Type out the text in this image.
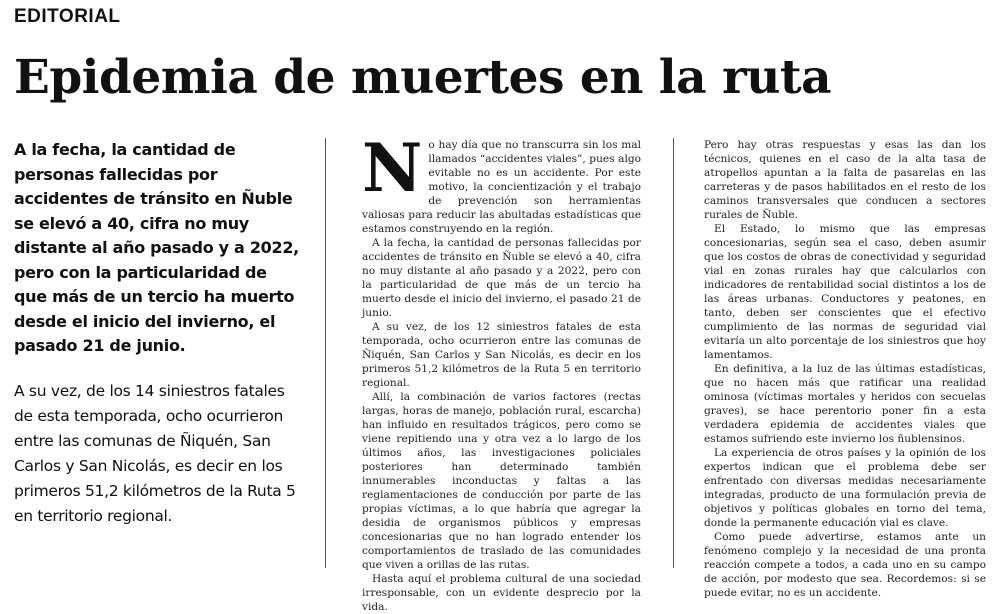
EDITORIAL
Epidemia de muertes en la ruta

A la fecha, la cantidad de personas fallecidas por accidentes de tránsito en Ñuble se elevó a 40, cifra no muy distante al año pasado y a 2022, pero con la particularidad de que más de un tercio ha muerto desde el inicio del invierno, el pasado 21 de junio.

A su vez, de los 14 siniestros fatales de esta temporada, ocho ocurrieron entre las comunas de Ñiquén, San Carlos y San Nicolás, es decir en los primeros 51,2 kilómetros de la Ruta 5 en territorio regional.

N o hay día que no transcurra sin los mal llamados “accidentes viales”, pues algo evitable no es un accidente. Por este motivo, la concientización y el trabajo de prevención son herramientas valiosas para reducir las abultadas estadísticas que estamos construyendo en la región.

A la fecha, la cantidad de personas fallecidas por accidentes de tránsito en Ñuble se elevó a 40, cifra no muy distante al año pasado y a 2022, pero con la particularidad de que más de un tercio ha muerto desde el inicio del invierno, el pasado 21 de junio.

A su vez, de los 12 siniestros fatales de esta temporada, ocho ocurrieron entre las comunas de Ñiquén, San Carlos y San Nicolás, es decir en los primeros 51,2 kilómetros de la Ruta 5 en territorio regional.

Allí, la combinación de varios factores (rectas largas, horas de manejo, población rural, escarcha) han influido en resultados trágicos, pero como se viene repitiendo una y otra vez a lo largo de los últimos años, las investigaciones policiales posteriores han determinado también innumerables inconductas y faltas a las reglamentaciones de conducción por parte de las propias víctimas, a lo que habría que agregar la desidia de organismos públicos y empresas concesionarias que no han logrado entender los comportamientos de traslado de las comunidades que viven a orillas de las rutas.

Hasta aquí el problema cultural de una sociedad irresponsable, con un evidente desprecio por la vida.

Pero hay otras respuestas y esas las dan los técnicos, quienes en el caso de la alta tasa de atropellos apuntan a la falta de pasarelas en las carreteras y de pasos habilitados en el resto de los caminos transversales que conducen a sectores rurales de Ñuble.

El Estado, lo mismo que las empresas concesionarias, según sea el caso, deben asumir que los costos de obras de conectividad y seguridad vial en zonas rurales hay que calcularlos con indicadores de rentabilidad social distintos a los de las áreas urbanas. Conductores y peatones, en tanto, deben ser conscientes que el efectivo cumplimiento de las normas de seguridad vial evitaría un alto porcentaje de los siniestros que hoy lamentamos.

En definitiva, a la luz de las últimas estadísticas, que no hacen más que ratificar una realidad ominosa (víctimas mortales y heridos con secuelas graves), se hace perentorio poner fin a esta verdadera epidemia de accidentes viales que estamos sufriendo este invierno los ñublensinos.

La experiencia de otros países y la opinión de los expertos indican que el problema debe ser enfrentado con diversas medidas necesariamente integradas, producto de una formulación previa de objetivos y políticas globales en torno del tema, donde la permanente educación vial es clave.

Como puede advertirse, estamos ante un fenómeno complejo y la necesidad de una pronta reacción compete a todos, a cada uno en su campo de acción, por modesto que sea. Recordemos: si se puede evitar, no es un accidente.
